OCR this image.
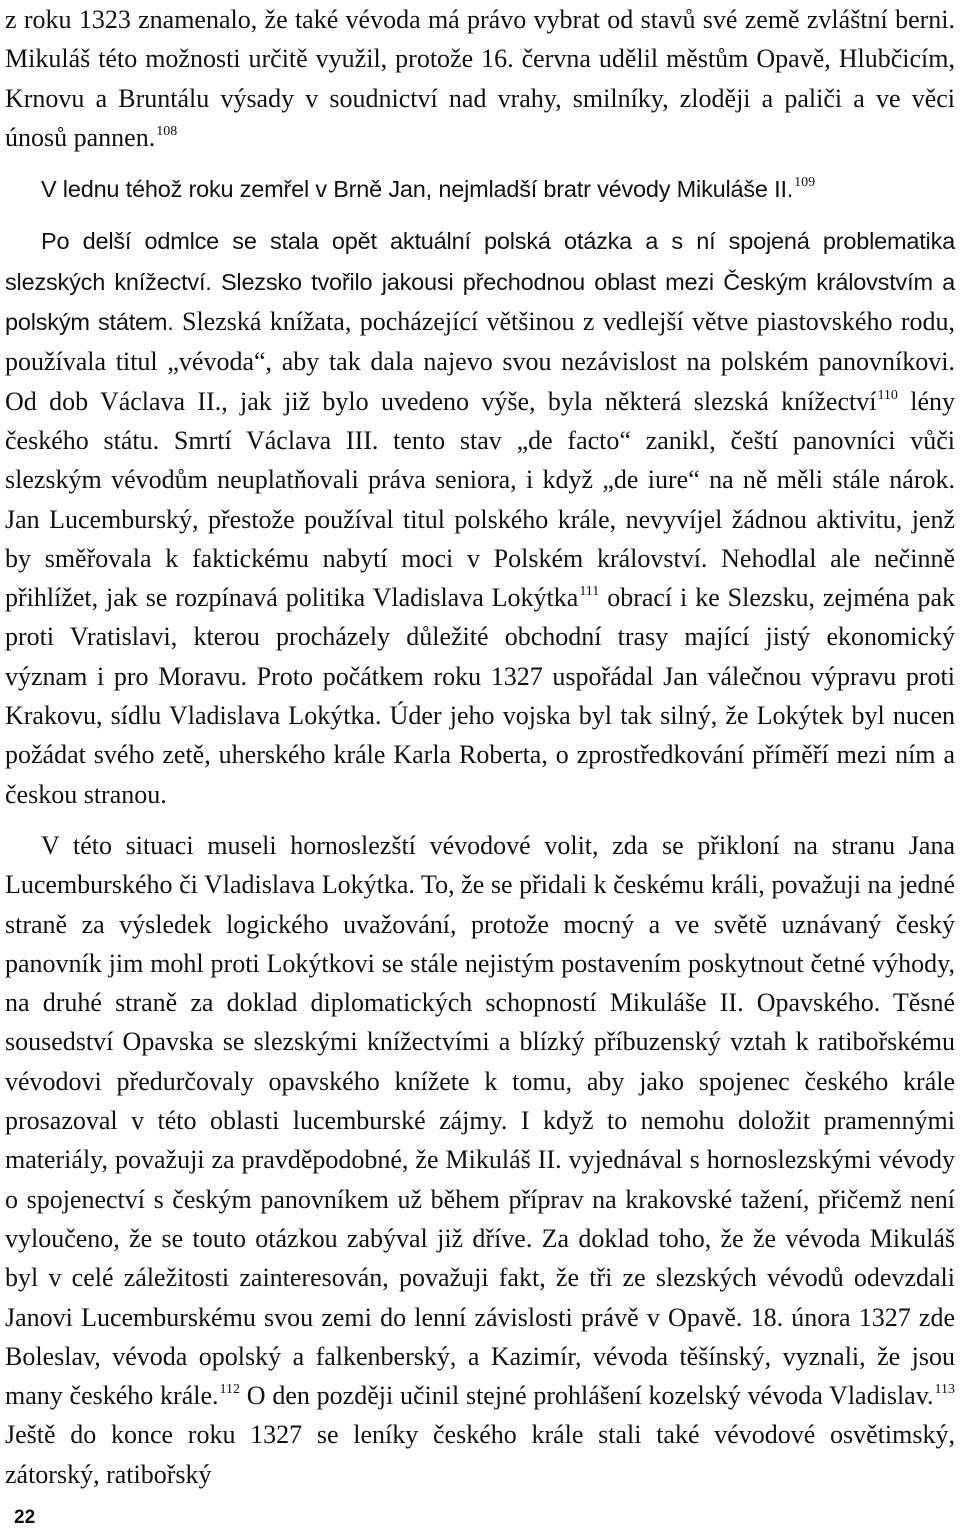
z roku 1323 znamenalo, že také vévoda má právo vybrat od stavů své země zvláštní berni. Mikuláš této možnosti určitě využil, protože 16. června udělil městům Opavě, Hlubčicím, Krnovu a Bruntálu výsady v soudnictví nad vrahy, smilníky, zloději a paliči a ve věci únosů pannen.$^{108}$

V lednu téhož roku zemřel v Brně Jan, nejmladší bratr vévody Mikuláše II.$^{109}$

Po delší odmlce se stala opět aktuální polská otázka a s ní spojená problematika slezských knížectví. Slezsko tvořilo jakousi přechodnou oblast mezi Českým královstvím a polským státem. Slezská knížata, pocházející většinou z vedlejší větve piastovského rodu, používala titul „vévoda“, aby tak dala najevo svou nezávislost na polském panovníkovi. Od dob Václava II., jak již bylo uvedeno výše, byla některá slezská knížectví$^{110}$ lény českého státu. Smrtí Václava III. tento stav „de facto“ zanikl, čeští panovníci vůči slezským vévodům neuplatňovali práva seniora, i když „de iure“ na ně měli stále nárok. Jan Lucemburský, přestože používal titul polského krále, nevyvíjel žádnou aktivitu, jenž by směřovala k faktickému nabytí moci v Polském království. Nehodlal ale nečinně přihlížet, jak se rozpínavá politika Vladislava Lokýtka$^{111}$ obrací i ke Slezsku, zejména pak proti Vratislavi, kterou procházely důležité obchodní trasy mající jistý ekonomický význam i pro Moravu. Proto počátkem roku 1327 uspořádal Jan válečnou výpravu proti Krakovu, sídlu Vladislava Lokýtka. Úder jeho vojska byl tak silný, že Lokýtek byl nucen požádat svého zetě, uherského krále Karla Roberta, o zprostředkování příměří mezi ním a českou stranou.

V této situaci museli hornoslezští vévodové volit, zda se přikloní na stranu Jana Lucemburského či Vladislava Lokýtka. To, že se přidali k českému králi, považuji na jedné straně za výsledek logického uvažování, protože mocný a ve světě uznávaný český panovník jim mohl proti Lokýtkovi se stále nejistým postavením poskytnout četné výhody, na druhé straně za doklad diplomatických schopností Mikuláše II. Opavského. Těsné sousedství Opavska se slezskými knížectvími a blízký příbuzenský vztah k ratibořskému vévodovi předurčovaly opavského knížete k tomu, aby jako spojenec českého krále prosazoval v této oblasti lucemburské zájmy. I když to nemohu doložit pramennými materiály, považuji za pravděpodobné, že Mikuláš II. vyjednával s hornoslezskými vévody o spojenectví s českým panovníkem už během příprav na krakovské tažení, přičemž není vyloučeno, že se touto otázkou zabýval již dříve. Za doklad toho, že že vévoda Mikuláš byl v celé záležitosti zainteresován, považuji fakt, že tři ze slezských vévodů odevzdali Janovi Lucemburskému svou zemi do lenní závislosti právě v Opavě. 18. února 1327 zde Boleslav, vévoda opolský a falkenberský, a Kazimír, vévoda těšínský, vyznali, že jsou many českého krále.$^{112}$ O den později učinil stejné prohlášení kozelský vévoda Vladislav.$^{113}$ Ještě do konce roku 1327 se leníky českého krále stali také vévodové osvětimský, zátorský, ratibořský

22
